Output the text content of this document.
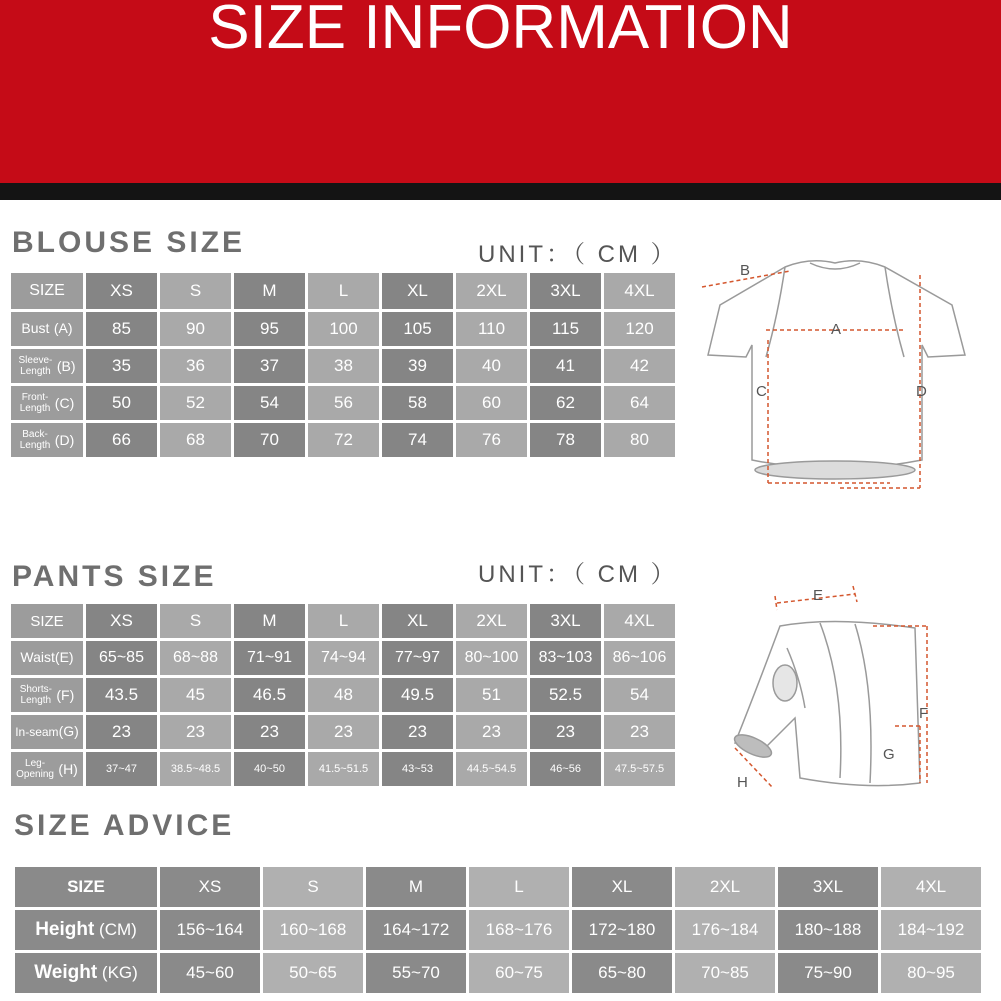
SIZE INFORMATION
BLOUSE SIZE	UNIT：（ CM ）
SIZE	XS	S	M	L	XL	2XL	3XL	4XL
Bust (A)	85	90	95	100	105	110	115	120

Sleeve-
Length (B)	35	36	37	38	39	40	41	42

Front-
Length (C)	50	52	54	56	58	60	62	64

Back-
Length (D)	66	68	70	72	74	76	78	80
B
A
C	D
PANTS SIZE	UNIT：（ CM ）
SIZE	XS	S	M	L	XL	2XL	3XL	4XL
Waist(E)	65~85	68~88	71~91	74~94	77~97	80~100	83~103	86~106

Shorts-
Length (F)	43.5	45	46.5	48	49.5	51	52.5	54
In-seam(G)	23	23	23	23	23	23	23	23

Leg-
Opening (H)	37~47	38.5~48.5	40~50	41.5~51.5	43~53	44.5~54.5	46~56	47.5~57.5
E
F
G
H
SIZE ADVICE
SIZE	XS	S	M	L	XL	2XL	3XL	4XL
Height (CM)	156~164	160~168	164~172	168~176	172~180	176~184	180~188	184~192
Weight (KG)	45~60	50~65	55~70	60~75	65~80	70~85	75~90	80~95
